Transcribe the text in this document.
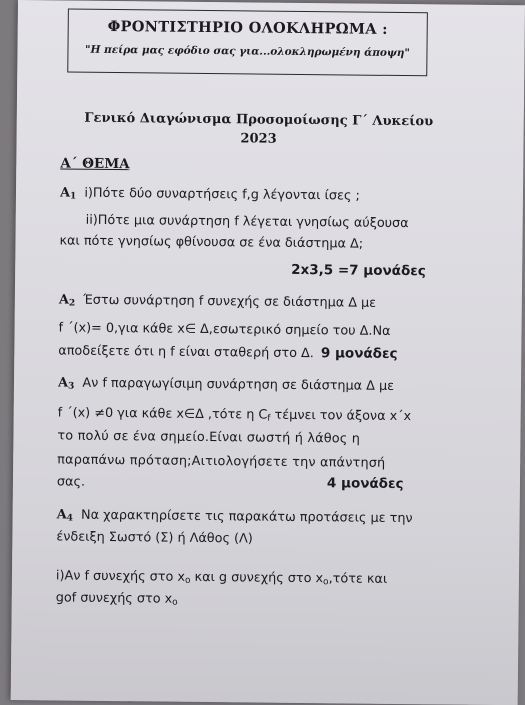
ΦΡΟΝΤΙΣΤΗΡΙΟ ΟΛΟΚΛΗΡΩΜΑ :
"Η πείρα μας εφόδιο σας για...ολοκληρωμένη άποψη"
Γενικό Διαγώνισμα Προσομοίωσης Γ΄ Λυκείου
2023
Α΄ ΘΕΜΑ
$A_1$ i)Πότε δύο συναρτήσεις f,g λέγονται ίσες ;
ii)Πότε μια συνάρτηση f λέγεται γνησίως αύξουσα
και πότε γνησίως φθίνουσα σε ένα διάστημα Δ;
2x3,5 =7 μονάδες
$A_2$ Έστω συνάρτηση f συνεχής σε διάστημα Δ με
f ΄(x)= 0,για κάθε x∈ Δ,εσωτερικό σημείο του Δ.Να
αποδείξετε ότι η f είναι σταθερή στο Δ. 9 μονάδες
$A_3$ Αν f παραγωγίσιμη συνάρτηση σε διάστημα Δ με
f ΄(x) ≠0 για κάθε x∈Δ ,τότε η $C_f$ τέμνει τον άξονα x΄x
το πολύ σε ένα σημείο.Είναι σωστή ή λάθος η
παραπάνω πρόταση;Αιτιολογήσετε την απάντησή
σας.	4 μονάδες
$A_4$ Να χαρακτηρίσετε τις παρακάτω προτάσεις με την
ένδειξη Σωστό (Σ) ή Λάθος (Λ)
i)Αν f συνεχής στο $x_o$ και g συνεχής στο $x_o,\tau ό\tau\varepsilon$ και
gof συνεχής στο $x_o$
